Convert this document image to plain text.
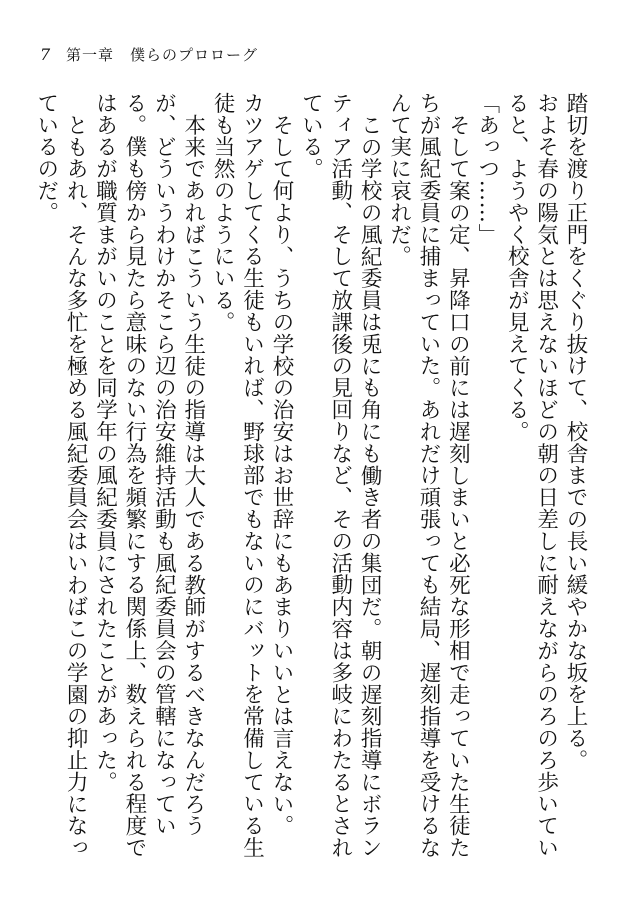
7 第一章　僕らのプロローグ

踏切を渡り正門をくぐり抜けて、校舎までの長い緩やかな坂を上る。

およそ春の陽気とは思えないほどの朝の日差しに耐えながらのろのろ歩いていると、ようやく校舎が見えてくる。

「あっつ……」

そして案の定、昇降口の前には遅刻しまいと必死な形相で走っていた生徒たちが風紀委員に捕まっていた。あれだけ頑張っても結局、遅刻指導を受けるなんて実に哀れだ。

この学校の風紀委員は兎にも角にも働き者の集団だ。朝の遅刻指導にボランティア活動、そして放課後の見回りなど、その活動内容は多岐にわたるとされている。

そして何より、うちの学校の治安はお世辞にもあまりいいとは言えない。

カツアゲしてくる生徒もいれば、野球部でもないのにバットを常備している生徒も当然のようにいる。

本来であればこういう生徒の指導は大人である教師がするべきなんだろうが、どういうわけかそこら辺の治安維持活動も風紀委員会の管轄になっている。僕も傍から見たら意味のない行為を頻繁にする関係上、数えられる程度ではあるが職質まがいのことを同学年の風紀委員にされたことがあった。

ともあれ、そんな多忙を極める風紀委員会はいわばこの学園の抑止力になっているのだ。
